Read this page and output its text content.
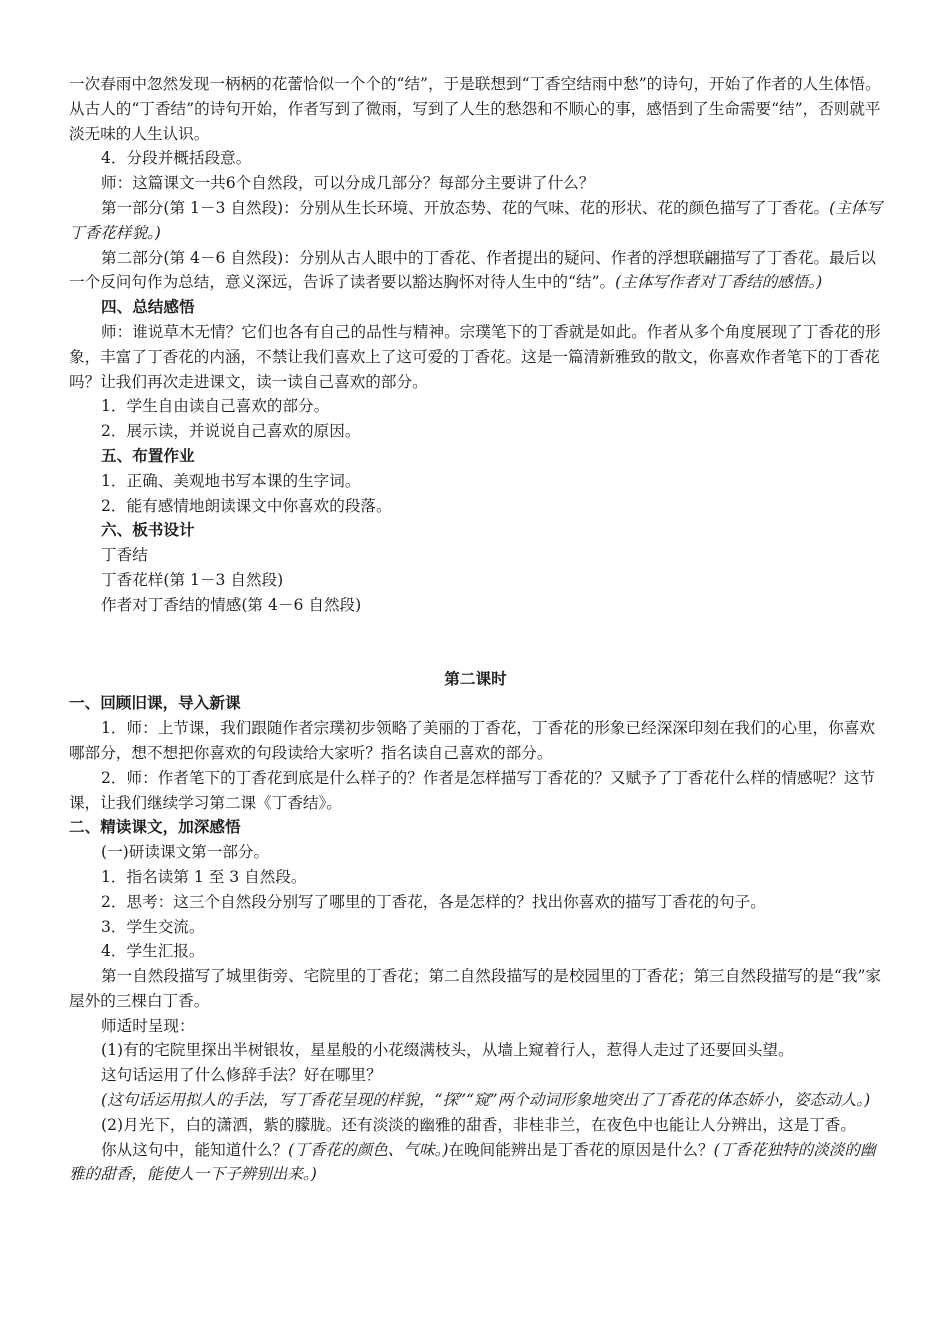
一次春雨中忽然发现一柄柄的花蕾恰似一个个的“结”，于是联想到“丁香空结雨中愁”的诗句，开始了作者的人生体悟。从古人的“丁香结”的诗句开始，作者写到了微雨，写到了人生的愁怨和不顺心的事，感悟到了生命需要“结”，否则就平淡无味的人生认识。

4．分段并概括段意。

师：这篇课文一共6个自然段，可以分成几部分？每部分主要讲了什么？

第一部分(第 1－3 自然段)：分别从生长环境、开放态势、花的气味、花的形状、花的颜色描写了丁香花。(主体写丁香花样貌。)

第二部分(第 4－6 自然段)：分别从古人眼中的丁香花、作者提出的疑问、作者的浮想联翩描写了丁香花。最后以一个反问句作为总结，意义深远，告诉了读者要以豁达胸怀对待人生中的“结”。(主体写作者对丁香结的感悟。)

四、总结感悟

师：谁说草木无情？它们也各有自己的品性与精神。宗璞笔下的丁香就是如此。作者从多个角度展现了丁香花的形象，丰富了丁香花的内涵，不禁让我们喜欢上了这可爱的丁香花。这是一篇清新雅致的散文，你喜欢作者笔下的丁香花吗？让我们再次走进课文，读一读自己喜欢的部分。

1．学生自由读自己喜欢的部分。

2．展示读，并说说自己喜欢的原因。

五、布置作业

1．正确、美观地书写本课的生字词。

2．能有感情地朗读课文中你喜欢的段落。

六、板书设计

丁香结

丁香花样(第 1－3 自然段)

作者对丁香结的情感(第 4－6 自然段)

第二课时

一、回顾旧课，导入新课

1．师：上节课，我们跟随作者宗璞初步领略了美丽的丁香花，丁香花的形象已经深深印刻在我们的心里，你喜欢哪部分，想不想把你喜欢的句段读给大家听？指名读自己喜欢的部分。

2．师：作者笔下的丁香花到底是什么样子的？作者是怎样描写丁香花的？又赋予了丁香花什么样的情感呢？这节课，让我们继续学习第二课《丁香结》。

二、精读课文，加深感悟

(一)研读课文第一部分。

1．指名读第 1 至 3 自然段。

2．思考：这三个自然段分别写了哪里的丁香花，各是怎样的？找出你喜欢的描写丁香花的句子。

3．学生交流。

4．学生汇报。

第一自然段描写了城里街旁、宅院里的丁香花；第二自然段描写的是校园里的丁香花；第三自然段描写的是“我”家屋外的三棵白丁香。

师适时呈现：

(1)有的宅院里探出半树银妆，星星般的小花缀满枝头，从墙上窥着行人，惹得人走过了还要回头望。

这句话运用了什么修辞手法？好在哪里？

(这句话运用拟人的手法，写丁香花呈现的样貌，“探”“窥”两个动词形象地突出了丁香花的体态娇小，姿态动人。)

(2)月光下，白的潇洒，紫的朦胧。还有淡淡的幽雅的甜香，非桂非兰，在夜色中也能让人分辨出，这是丁香。

你从这句中，能知道什么？(丁香花的颜色、气味。)在晚间能辨出是丁香花的原因是什么？(丁香花独特的淡淡的幽雅的甜香，能使人一下子辨别出来。)
